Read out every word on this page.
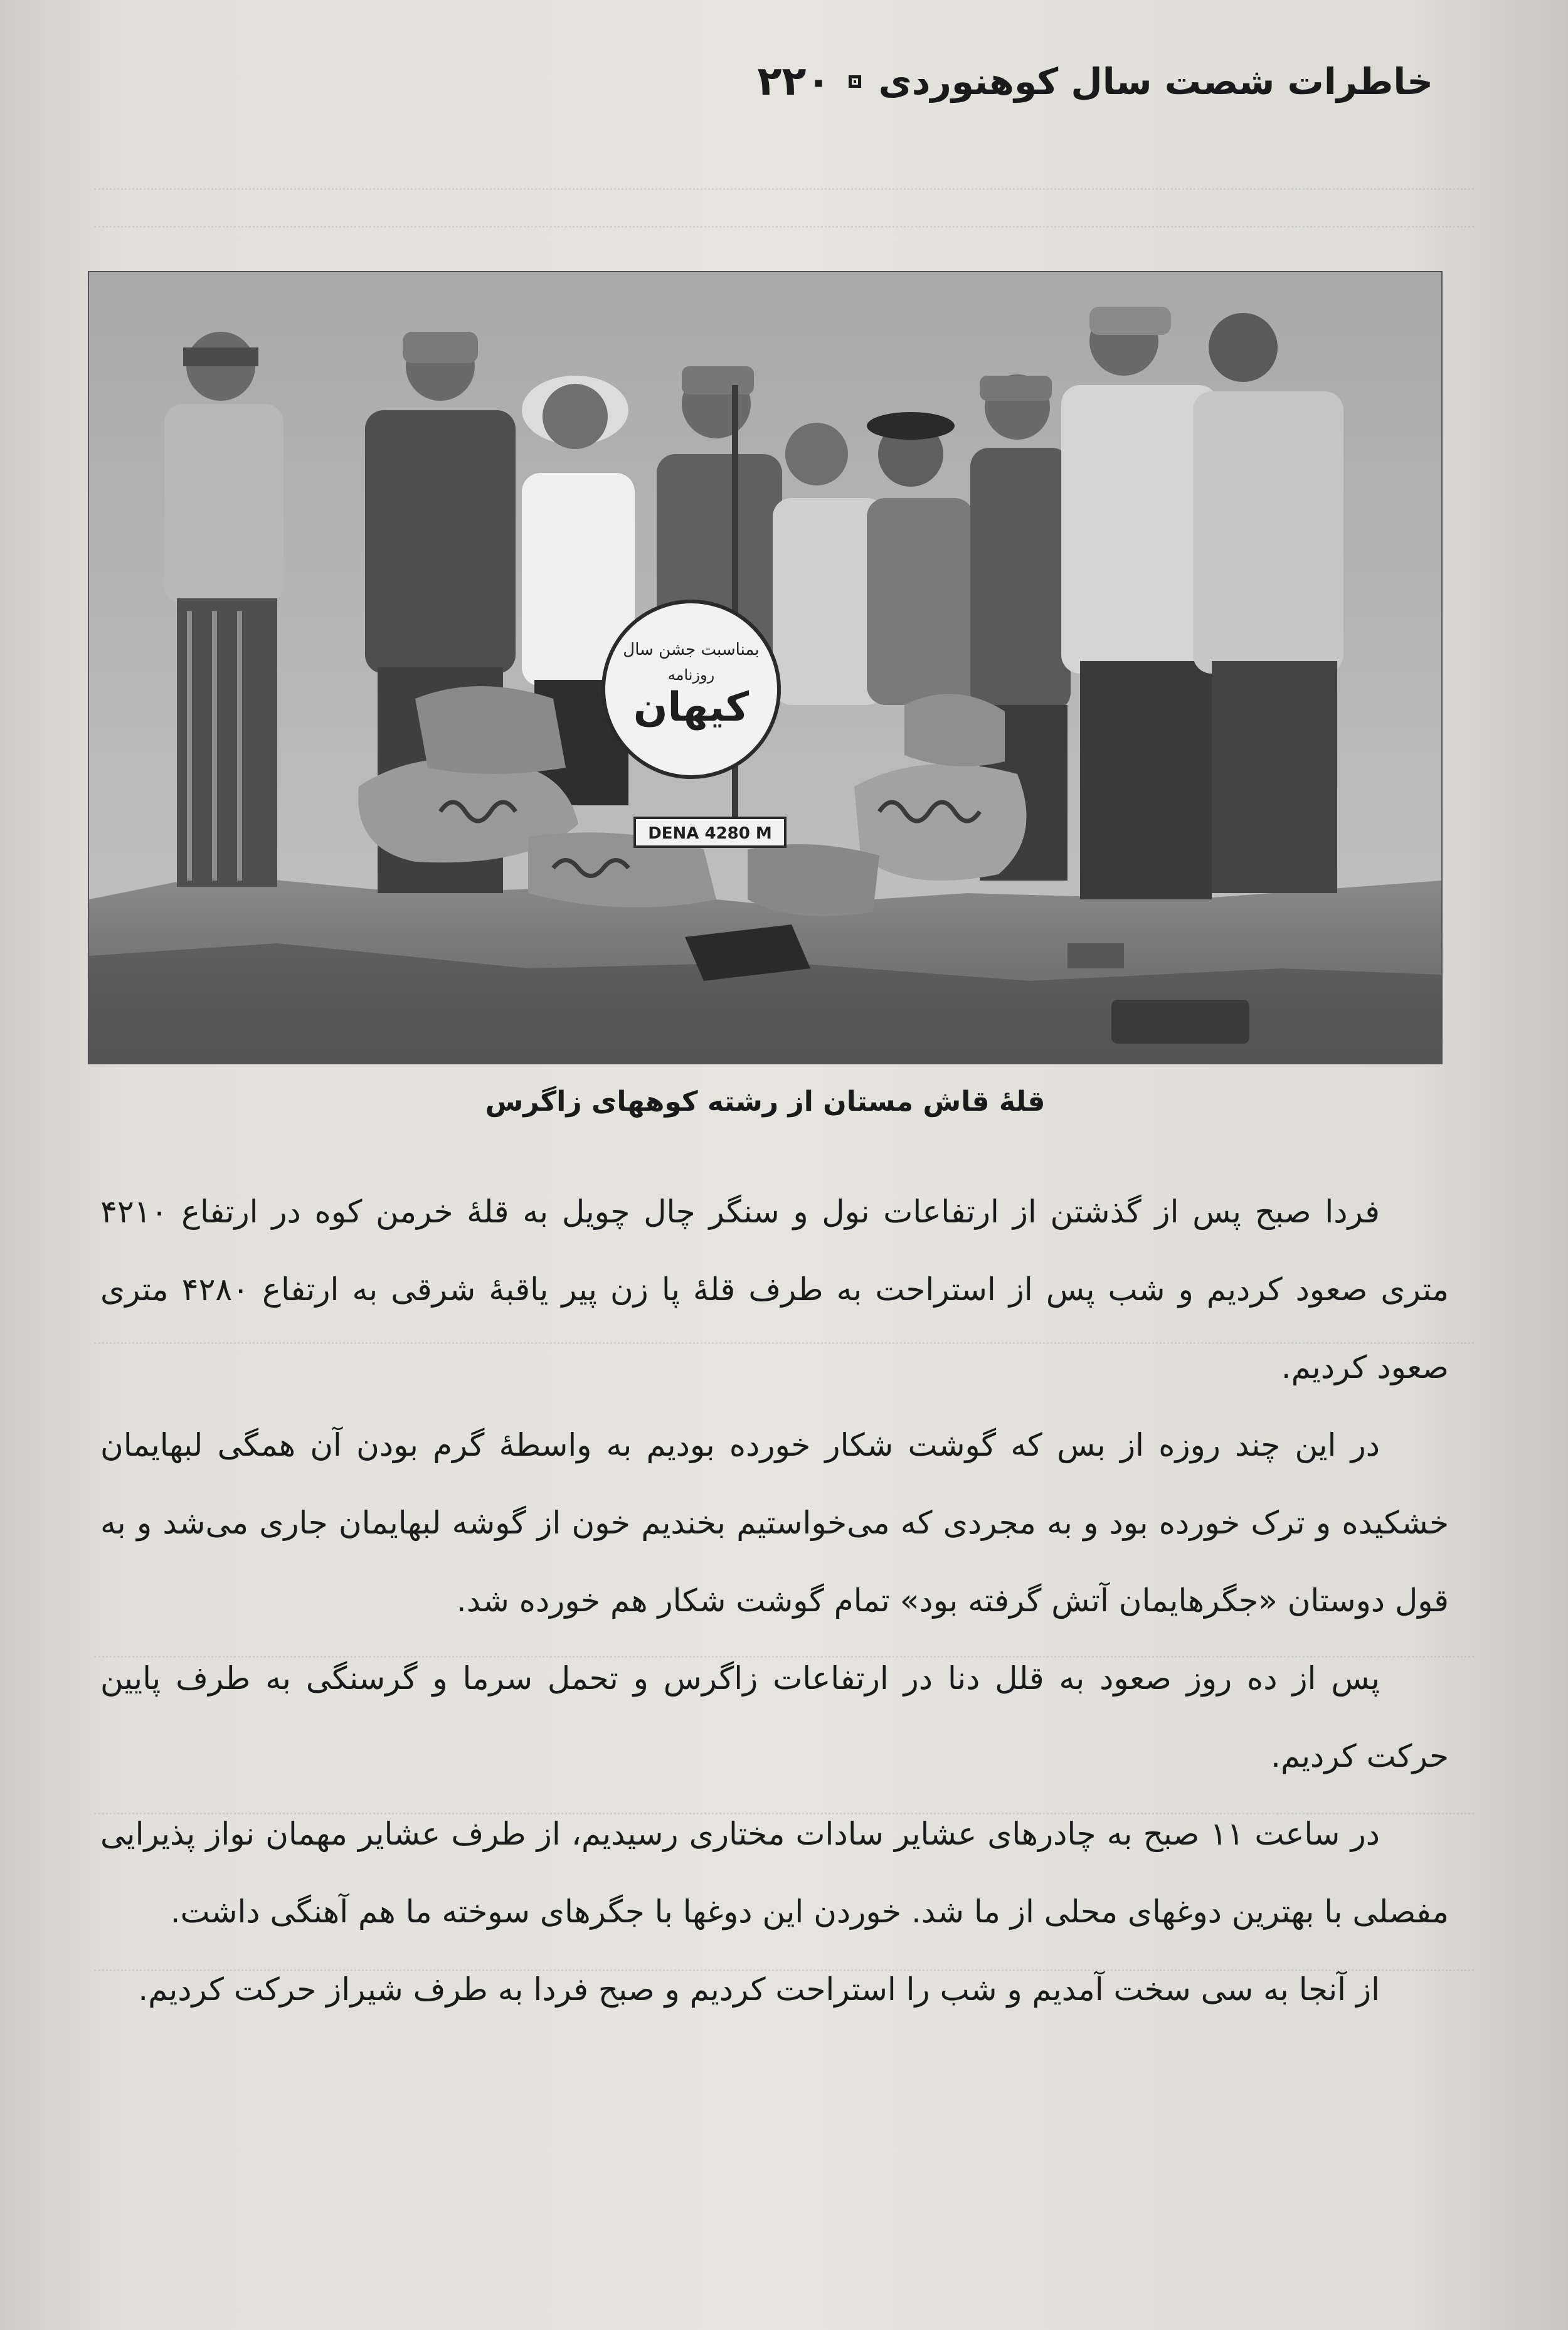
۲۲۰ خاطرات شصت سال کوهنوردی
بمناسبت جشن سال
روزنامه
کیهان
DENA 4280 M
قلهٔ قاش مستان از رشته کوههای زاگرس

فردا صبح پس از گذشتن از ارتفاعات نول و سنگر چال چویل به قلهٔ خرمن کوه در ارتفاع ۴۲۱۰ متری صعود کردیم و شب پس از استراحت به طرف قلهٔ پا زن پیر یاقبهٔ شرقی به ارتفاع ۴۲۸۰ متری صعود کردیم.

در این چند روزه از بس که گوشت شکار خورده بودیم به واسطهٔ گرم بودن آن همگی لبهایمان خشکیده و ترک خورده بود و به مجردی که می‌خواستیم بخندیم خون از گوشه لبهایمان جاری می‌شد و به قول دوستان «جگرهایمان آتش گرفته بود» تمام گوشت شکار هم خورده شد.

پس از ده روز صعود به قلل دنا در ارتفاعات زاگرس و تحمل سرما و گرسنگی به طرف پایین حرکت کردیم.

در ساعت ۱۱ صبح به چادرهای عشایر سادات مختاری رسیدیم، از طرف عشایر مهمان نواز پذیرایی مفصلی با بهترین دوغهای محلی از ما شد. خوردن این دوغها با جگرهای سوخته ما هم آهنگی داشت.

از آنجا به سی سخت آمدیم و شب را استراحت کردیم و صبح فردا به طرف شیراز حرکت کردیم.
